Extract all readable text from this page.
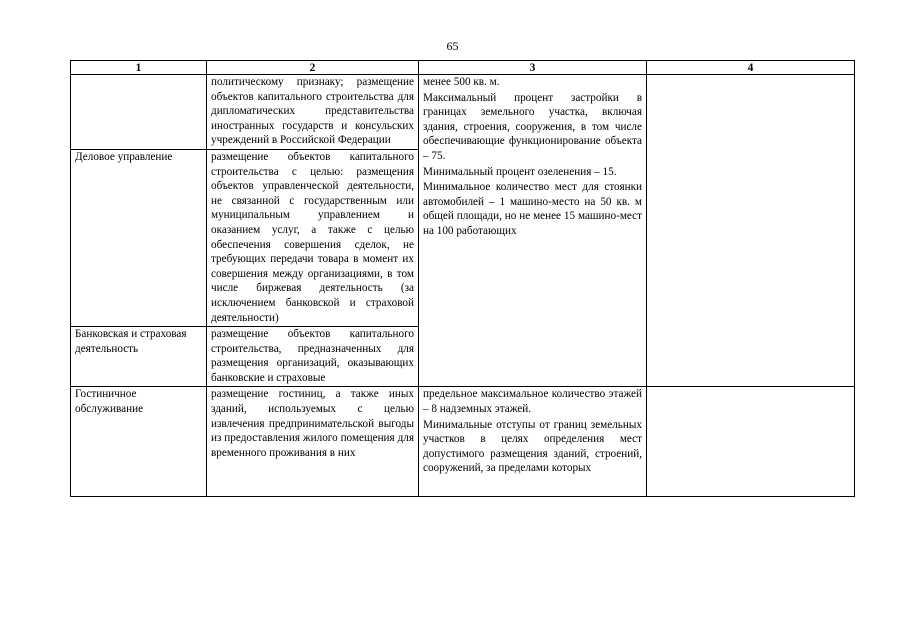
65
1	2	3	4
	политическому признаку; размещение объектов капитального строительства для дипломатических представительства иностранных государств и консульских учреждений в Российской Федерации	менее 500 кв. м.
Максимальный процент застройки в границах земельного участка, включая здания, строения, сооружения, в том числе обеспечивающие функционирование объекта – 75.
Минимальный процент озеленения – 15.
Минимальное количество мест для стоянки автомобилей – 1 машино-место на 50 кв. м общей площади, но не менее 15 машино-мест на 100 работающих	

Деловое управление	размещение объектов капитального строительства с целью: размещения объектов управленческой деятельности, не связанной с государственным или муниципальным управлением и оказанием услуг, а также с целью обеспечения совершения сделок, не требующих передачи товара в момент их совершения между организациями, в том числе биржевая деятельность (за исключением банковской и страховой деятельности)		
Банковская и страховая деятельность	размещение объектов капитального строительства, предназначенных для размещения организаций, оказывающих банковские и страховые		
Гостиничное обслуживание	размещение гостиниц, а также иных зданий, используемых с целью извлечения предпринимательской выгоды из предоставления жилого помещения для временного проживания в них	предельное максимальное количество этажей – 8 надземных этажей.
Минимальные отступы от границ земельных участков в целях определения мест допустимого размещения зданий, строений, сооружений, за пределами которых	
